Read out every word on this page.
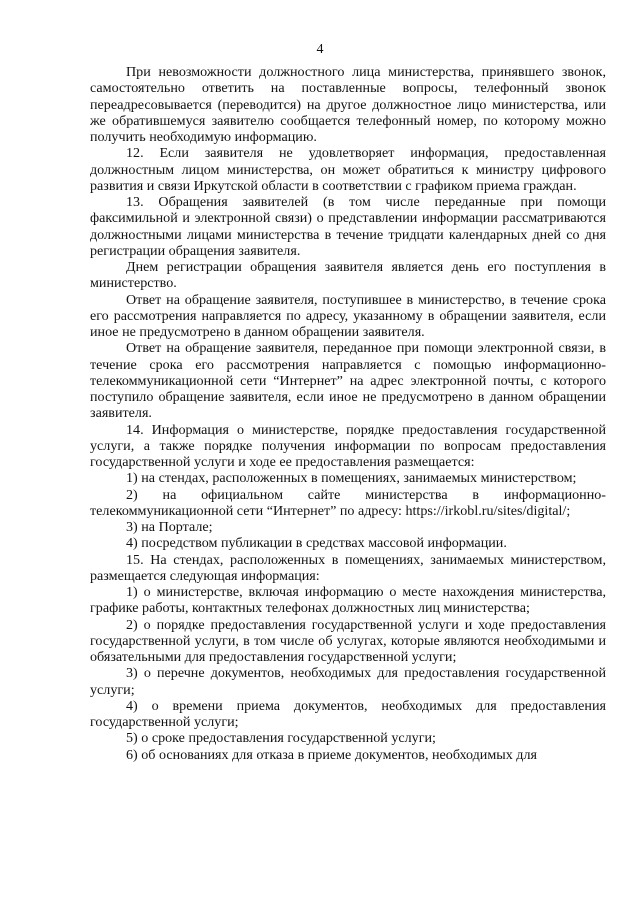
4

При невозможности должностного лица министерства, принявшего звонок, самостоятельно ответить на поставленные вопросы, телефонный звонок переадресовывается (переводится) на другое должностное лицо министерства, или же обратившемуся заявителю сообщается телефонный номер, по которому можно получить необходимую информацию.

12. Если заявителя не удовлетворяет информация, предоставленная должностным лицом министерства, он может обратиться к министру цифрового развития и связи Иркутской области в соответствии с графиком приема граждан.

13. Обращения заявителей (в том числе переданные при помощи факсимильной и электронной связи) о представлении информации рассматриваются должностными лицами министерства в течение тридцати календарных дней со дня регистрации обращения заявителя.

Днем регистрации обращения заявителя является день его поступления в министерство.

Ответ на обращение заявителя, поступившее в министерство, в течение срока его рассмотрения направляется по адресу, указанному в обращении заявителя, если иное не предусмотрено в данном обращении заявителя.

Ответ на обращение заявителя, переданное при помощи электронной связи, в течение срока его рассмотрения направляется с помощью информационно-телекоммуникационной сети “Интернет” на адрес электронной почты, с которого поступило обращение заявителя, если иное не предусмотрено в данном обращении заявителя.

14. Информация о министерстве, порядке предоставления государственной услуги, а также порядке получения информации по вопросам предоставления государственной услуги и ходе ее предоставления размещается:

1) на стендах, расположенных в помещениях, занимаемых министерством;

2) на официальном сайте министерства в информационно-телекоммуникационной сети “Интернет” по адресу: https://irkobl.ru/sites/digital/;

3) на Портале;

4) посредством публикации в средствах массовой информации.

15. На стендах, расположенных в помещениях, занимаемых министерством, размещается следующая информация:

1) о министерстве, включая информацию о месте нахождения министерства, графике работы, контактных телефонах должностных лиц министерства;

2) о порядке предоставления государственной услуги и ходе предоставления государственной услуги, в том числе об услугах, которые являются необходимыми и обязательными для предоставления государственной услуги;

3) о перечне документов, необходимых для предоставления государственной услуги;

4) о времени приема документов, необходимых для предоставления государственной услуги;

5) о сроке предоставления государственной услуги;

6) об основаниях для отказа в приеме документов, необходимых для
